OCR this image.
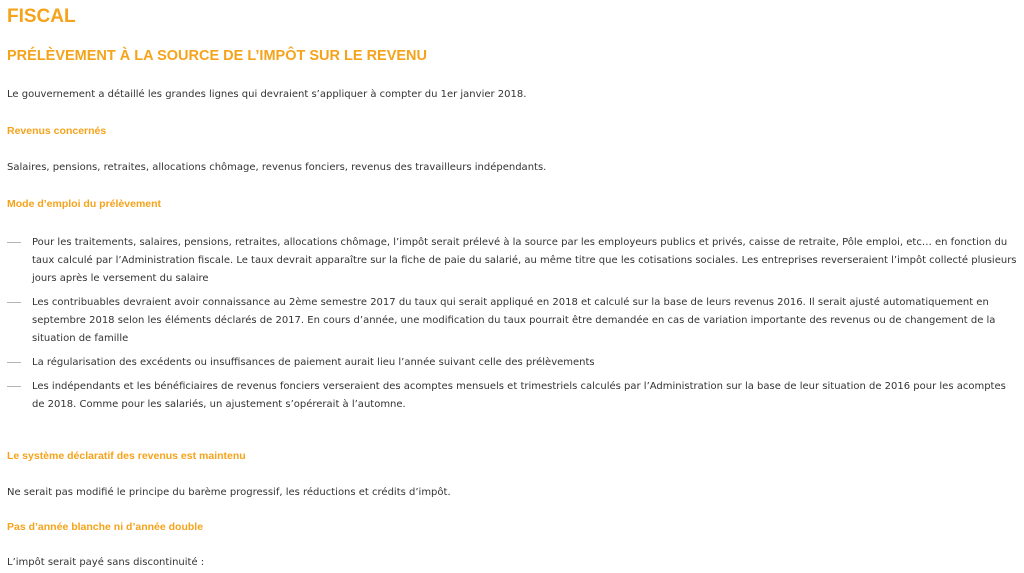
FISCAL
PRÉLÈVEMENT À LA SOURCE DE L’IMPÔT SUR LE REVENU
Le gouvernement a détaillé les grandes lignes qui devraient s’appliquer à compter du 1er janvier 2018.
Revenus concernés
Salaires, pensions, retraites, allocations chômage, revenus fonciers, revenus des travailleurs indépendants.
Mode d’emploi du prélèvement
Pour les traitements, salaires, pensions, retraites, allocations chômage, l’impôt serait prélevé à la source par les employeurs publics et privés, caisse de retraite, Pôle emploi, etc… en fonction du taux calculé par l’Administration fiscale. Le taux devrait apparaître sur la fiche de paie du salarié, au même titre que les cotisations sociales. Les entreprises reverseraient l’impôt collecté plusieurs jours après le versement du salaire
Les contribuables devraient avoir connaissance au 2ème semestre 2017 du taux qui serait appliqué en 2018 et calculé sur la base de leurs revenus 2016. Il serait ajusté automatiquement en septembre 2018 selon les éléments déclarés de 2017. En cours d’année, une modification du taux pourrait être demandée en cas de variation importante des revenus ou de changement de la situation de famille
La régularisation des excédents ou insuffisances de paiement aurait lieu l’année suivant celle des prélèvements
Les indépendants et les bénéficiaires de revenus fonciers verseraient des acomptes mensuels et trimestriels calculés par l’Administration sur la base de leur situation de 2016 pour les acomptes de 2018. Comme pour les salariés, un ajustement s’opérerait à l’automne.
Le système déclaratif des revenus est maintenu
Ne serait pas modifié le principe du barème progressif, les réductions et crédits d’impôt.
Pas d’année blanche ni d’année double
L’impôt serait payé sans discontinuité :
